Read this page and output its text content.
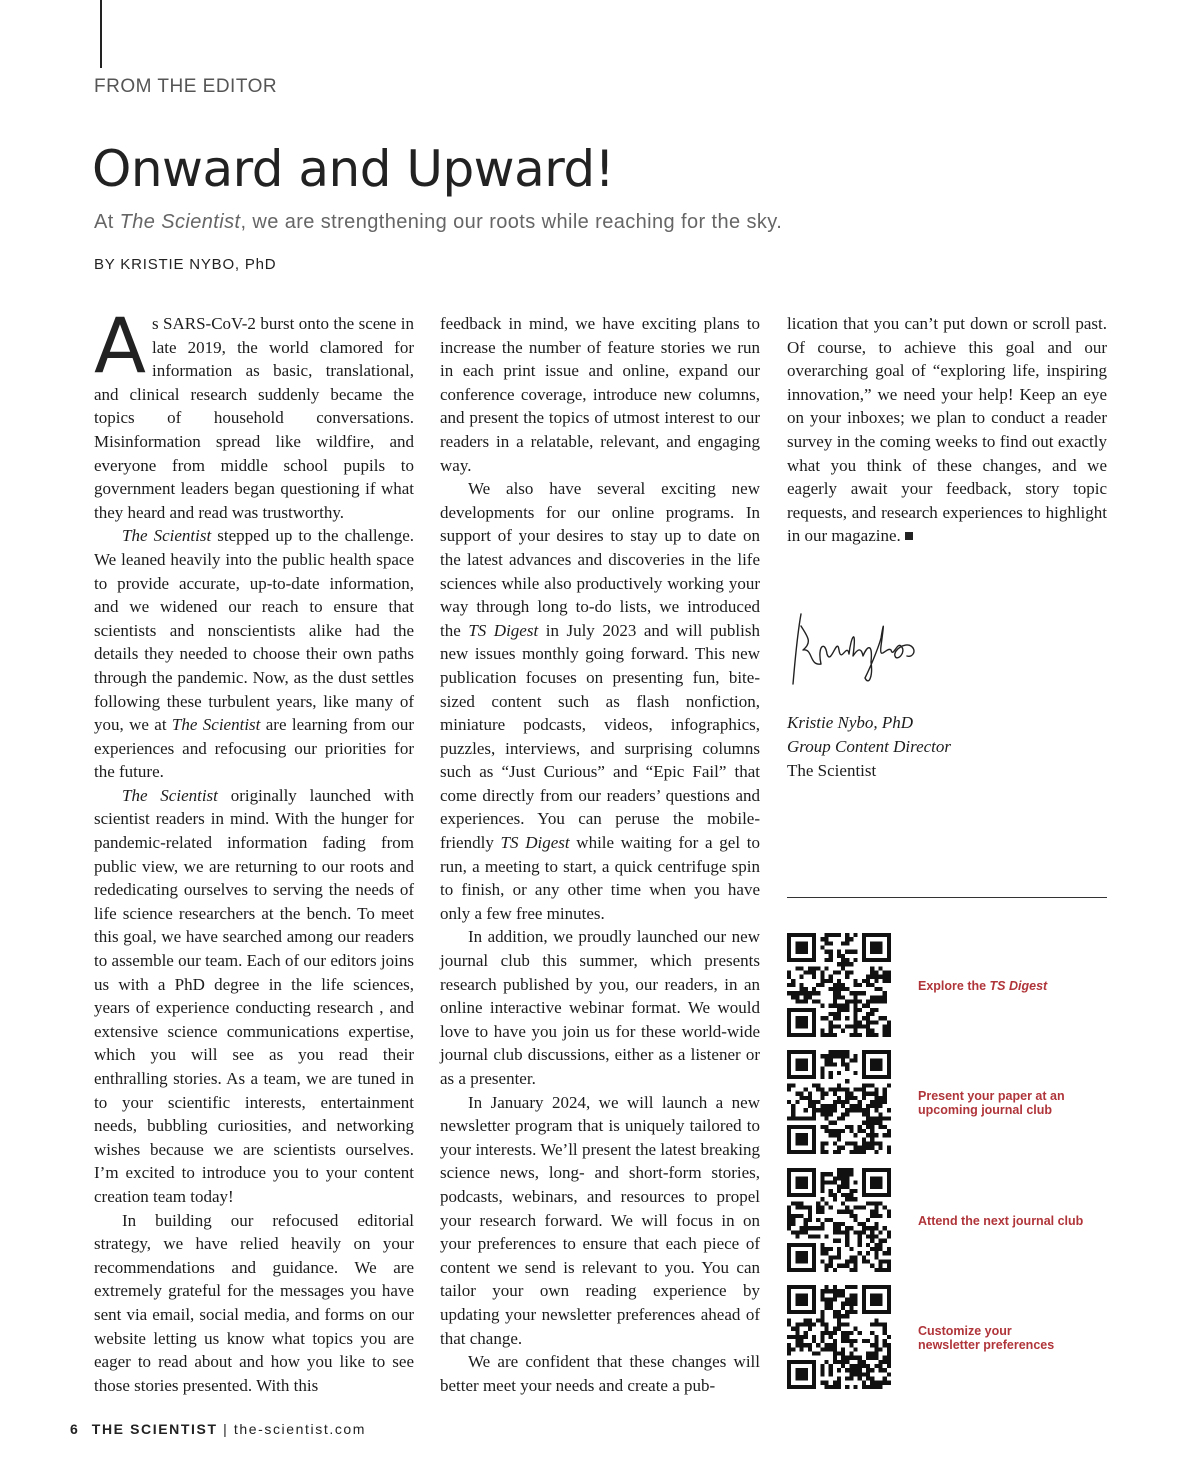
FROM THE EDITOR
Onward and Upward!
At The Scientist, we are strengthening our roots while reaching for the sky.
BY KRISTIE NYBO, PhD

As SARS-CoV-2 burst onto the scene in late 2019, the world clamored for information as basic, translational, and clinical research suddenly became the topics of household conversations. Misinformation spread like wildfire, and everyone from middle school pupils to government leaders began questioning if what they heard and read was trustworthy.

The Scientist stepped up to the challenge. We leaned heavily into the public health space to provide accurate, up-to-date information, and we widened our reach to ensure that scientists and nonscientists alike had the details they needed to choose their own paths through the pandemic. Now, as the dust settles following these turbulent years, like many of you, we at The Scientist are learning from our experiences and refocusing our priorities for the future.

The Scientist originally launched with scientist readers in mind. With the hunger for pandemic-related information fading from public view, we are returning to our roots and rededicating ourselves to serving the needs of life science researchers at the bench. To meet this goal, we have searched among our readers to assemble our team. Each of our editors joins us with a PhD degree in the life sciences, years of experience conducting research , and extensive science communications expertise, which you will see as you read their enthralling stories. As a team, we are tuned in to your scientific interests, entertainment needs, bubbling curiosities, and networking wishes because we are scientists ourselves. I’m excited to introduce you to your content creation team today!

In building our refocused editorial strategy, we have relied heavily on your recommendations and guidance. We are extremely grateful for the messages you have sent via email, social media, and forms on our website letting us know what topics you are eager to read about and how you like to see those stories presented. With this

feedback in mind, we have exciting plans to increase the number of feature stories we run in each print issue and online, expand our conference coverage, introduce new columns, and present the topics of utmost interest to our readers in a relatable, relevant, and engaging way.

We also have several exciting new developments for our online programs. In support of your desires to stay up to date on the latest advances and discoveries in the life sciences while also productively working your way through long to-do lists, we introduced the TS Digest in July 2023 and will publish new issues monthly going forward. This new publication focuses on presenting fun, bite-sized content such as flash nonfiction, miniature podcasts, videos, infographics, puzzles, interviews, and surprising columns such as “Just Curious” and “Epic Fail” that come directly from our readers’ questions and experiences. You can peruse the mobile-friendly TS Digest while waiting for a gel to run, a meeting to start, a quick centrifuge spin to finish, or any other time when you have only a few free minutes.

In addition, we proudly launched our new journal club this summer, which presents research published by you, our readers, in an online interactive webinar format. We would love to have you join us for these world-wide journal club discussions, either as a listener or as a presenter.

In January 2024, we will launch a new newsletter program that is uniquely tailored to your interests. We’ll present the latest breaking science news, long- and short-form stories, podcasts, webinars, and resources to propel your research forward. We will focus in on your preferences to ensure that each piece of content we send is relevant to you. You can tailor your own reading experience by updating your newsletter preferences ahead of that change.

We are confident that these changes will better meet your needs and create a pub-

lication that you can’t put down or scroll past. Of course, to achieve this goal and our overarching goal of “exploring life, inspiring innovation,” we need your help! Keep an eye on your inboxes; we plan to conduct a reader survey in the coming weeks to find out exactly what you think of these changes, and we eagerly await your feedback, story topic requests, and research experiences to highlight in our magazine.

Kristie Nybo, PhD
Group Content Director
The Scientist
Explore the TS Digest
Present your paper at an upcoming journal club
Attend the next journal club
Customize your newsletter preferences
6 THE SCIENTIST | the-scientist.com
